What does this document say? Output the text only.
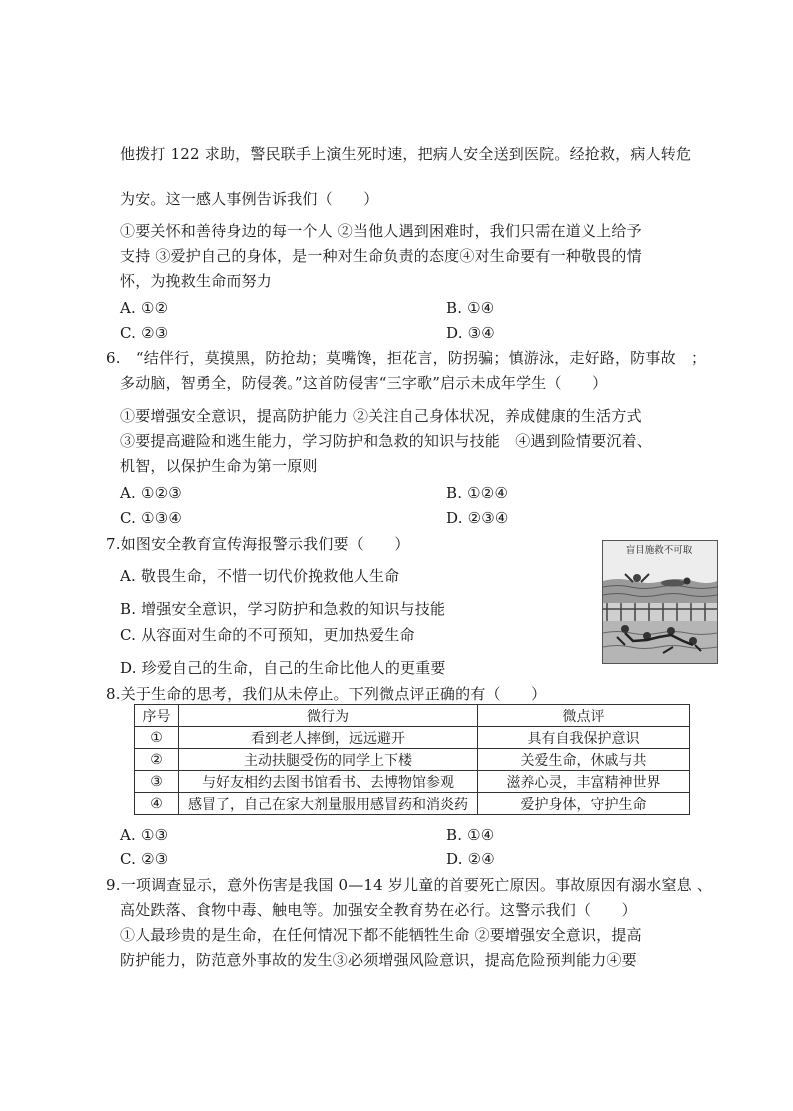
他拨打 122 求助，警民联手上演生死时速，把病人安全送到医院。经抢救，病人转危
为安。这一感人事例告诉我们（　　）
①要关怀和善待身边的每一个人 ②当他人遇到困难时，我们只需在道义上给予
支持 ③爱护自己的身体，是一种对生命负责的态度④对生命要有一种敬畏的情
怀，为挽救生命而努力
A. ①②	B. ①④
C. ②③	D. ③④
6.　“结伴行，莫摸黑，防抢劫；莫嘴馋，拒花言，防拐骗；慎游泳，走好路，防事故　；
多动脑，智勇全，防侵袭。”这首防侵害“三字歌”启示未成年学生（　　）
①要增强安全意识，提高防护能力 ②关注自己身体状况，养成健康的生活方式
③要提高避险和逃生能力，学习防护和急救的知识与技能　④遇到险情要沉着、
机智，以保护生命为第一原则
A. ①②③	B. ①②④
C. ①③④	D. ②③④
7.如图安全教育宣传海报警示我们要（　　）
A. 敬畏生命，不惜一切代价挽救他人生命
B. 增强安全意识，学习防护和急救的知识与技能
C. 从容面对生命的不可预知，更加热爱生命
D. 珍爱自己的生命，自己的生命比他人的更重要
盲目施救不可取
8.关于生命的思考，我们从未停止。下列微点评正确的有（　　）
序号	微行为	微点评
①	看到老人摔倒，远远避开	具有自我保护意识
②	主动扶腿受伤的同学上下楼	关爱生命，休戚与共
③	与好友相约去图书馆看书、去博物馆参观	滋养心灵，丰富精神世界
④	感冒了，自己在家大剂量服用感冒药和消炎药	爱护身体，守护生命
A. ①③	B. ①④
C. ②③	D. ②④
9.一项调查显示，意外伤害是我国 0—14 岁儿童的首要死亡原因。事故原因有溺水窒息 、
高处跌落、食物中毒、触电等。加强安全教育势在必行。这警示我们（　　）
①人最珍贵的是生命，在任何情况下都不能牺牲生命 ②要增强安全意识，提高
防护能力，防范意外事故的发生③必须增强风险意识，提高危险预判能力④要
